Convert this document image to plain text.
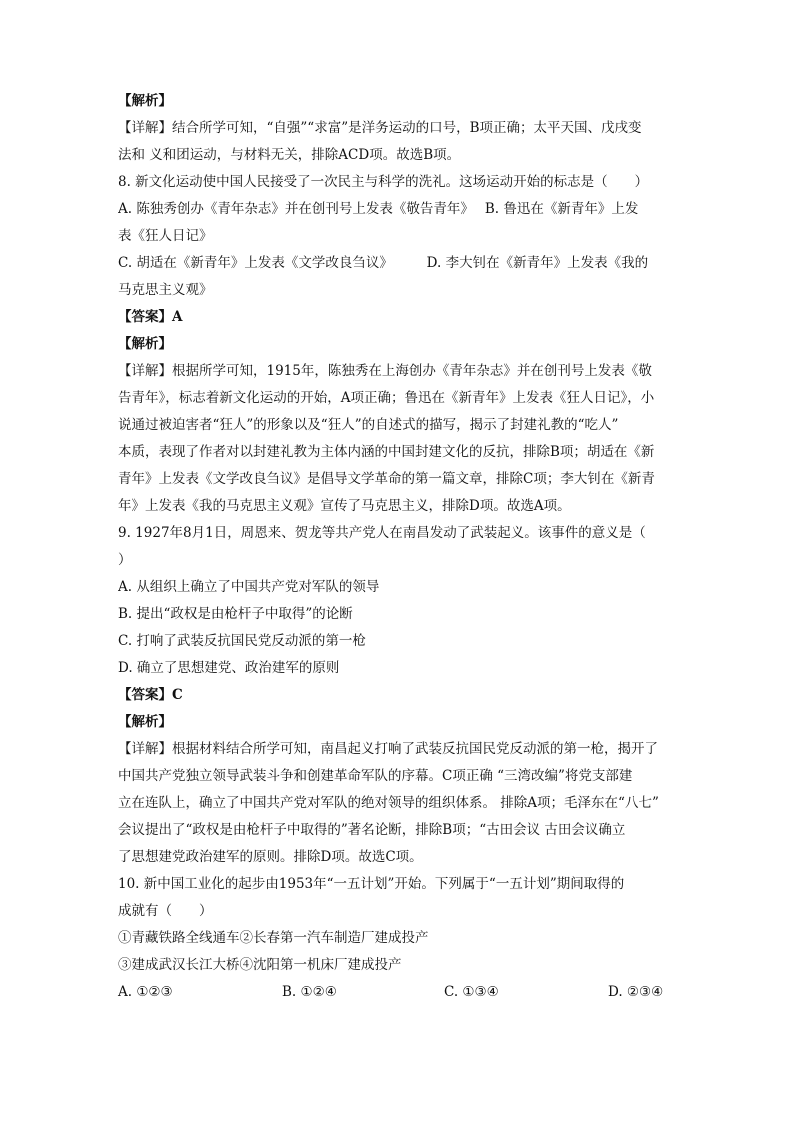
【解析】
【详解】结合所学可知，“自强”“求富”是洋务运动的口号，B项正确；太平天国、戊戌变
法和 义和团运动，与材料无关，排除ACD项。故选B项。
8. 新文化运动使中国人民接受了一次民主与科学的洗礼。这场运动开始的标志是（　　）
A. 陈独秀创办《青年杂志》并在创刊号上发表《敬告青年》　 B. 鲁迅在《新青年》上发
表《狂人日记》
C. 胡适在《新青年》上发表《文学改良刍议》　　　D. 李大钊在《新青年》上发表《我的
马克思主义观》
【答案】A
【解析】
【详解】根据所学可知，1915年，陈独秀在上海创办《青年杂志》并在创刊号上发表《敬
告青年》，标志着新文化运动的开始，A项正确；鲁迅在《新青年》上发表《狂人日记》，小
说通过被迫害者“狂人”的形象以及“狂人”的自述式的描写，揭示了封建礼教的“吃人”
本质，表现了作者对以封建礼教为主体内涵的中国封建文化的反抗，排除B项；胡适在《新
青年》上发表《文学改良刍议》是倡导文学革命的第一篇文章，排除C项；李大钊在《新青
年》上发表《我的马克思主义观》宣传了马克思主义，排除D项。故选A项。
9. 1927年8月1日，周恩来、贺龙等共产党人在南昌发动了武装起义。该事件的意义是（
）
A. 从组织上确立了中国共产党对军队的领导
B. 提出“政权是由枪杆子中取得”的论断
C. 打响了武装反抗国民党反动派的第一枪
D. 确立了思想建党、政治建军的原则
【答案】C
【解析】
【详解】根据材料结合所学可知，南昌起义打响了武装反抗国民党反动派的第一枪，揭开了
中国共产党独立领导武装斗争和创建革命军队的序幕。C项正确 “三湾改编”将党支部建
立在连队上，确立了中国共产党对军队的绝对领导的组织体系。 排除A项；毛泽东在“八七”
会议提出了“政权是由枪杆子中取得的”著名论断，排除B项；“古田会议 古田会议确立
了思想建党政治建军的原则。排除D项。故选C项。
10. 新中国工业化的起步由1953年“一五计划”开始。下列属于“一五计划”期间取得的
成就有（　　）
①青藏铁路全线通车②长春第一汽车制造厂建成投产
③建成武汉长江大桥④沈阳第一机床厂建成投产
A. ①②③	B. ①②④	C. ①③④	D. ②③④
